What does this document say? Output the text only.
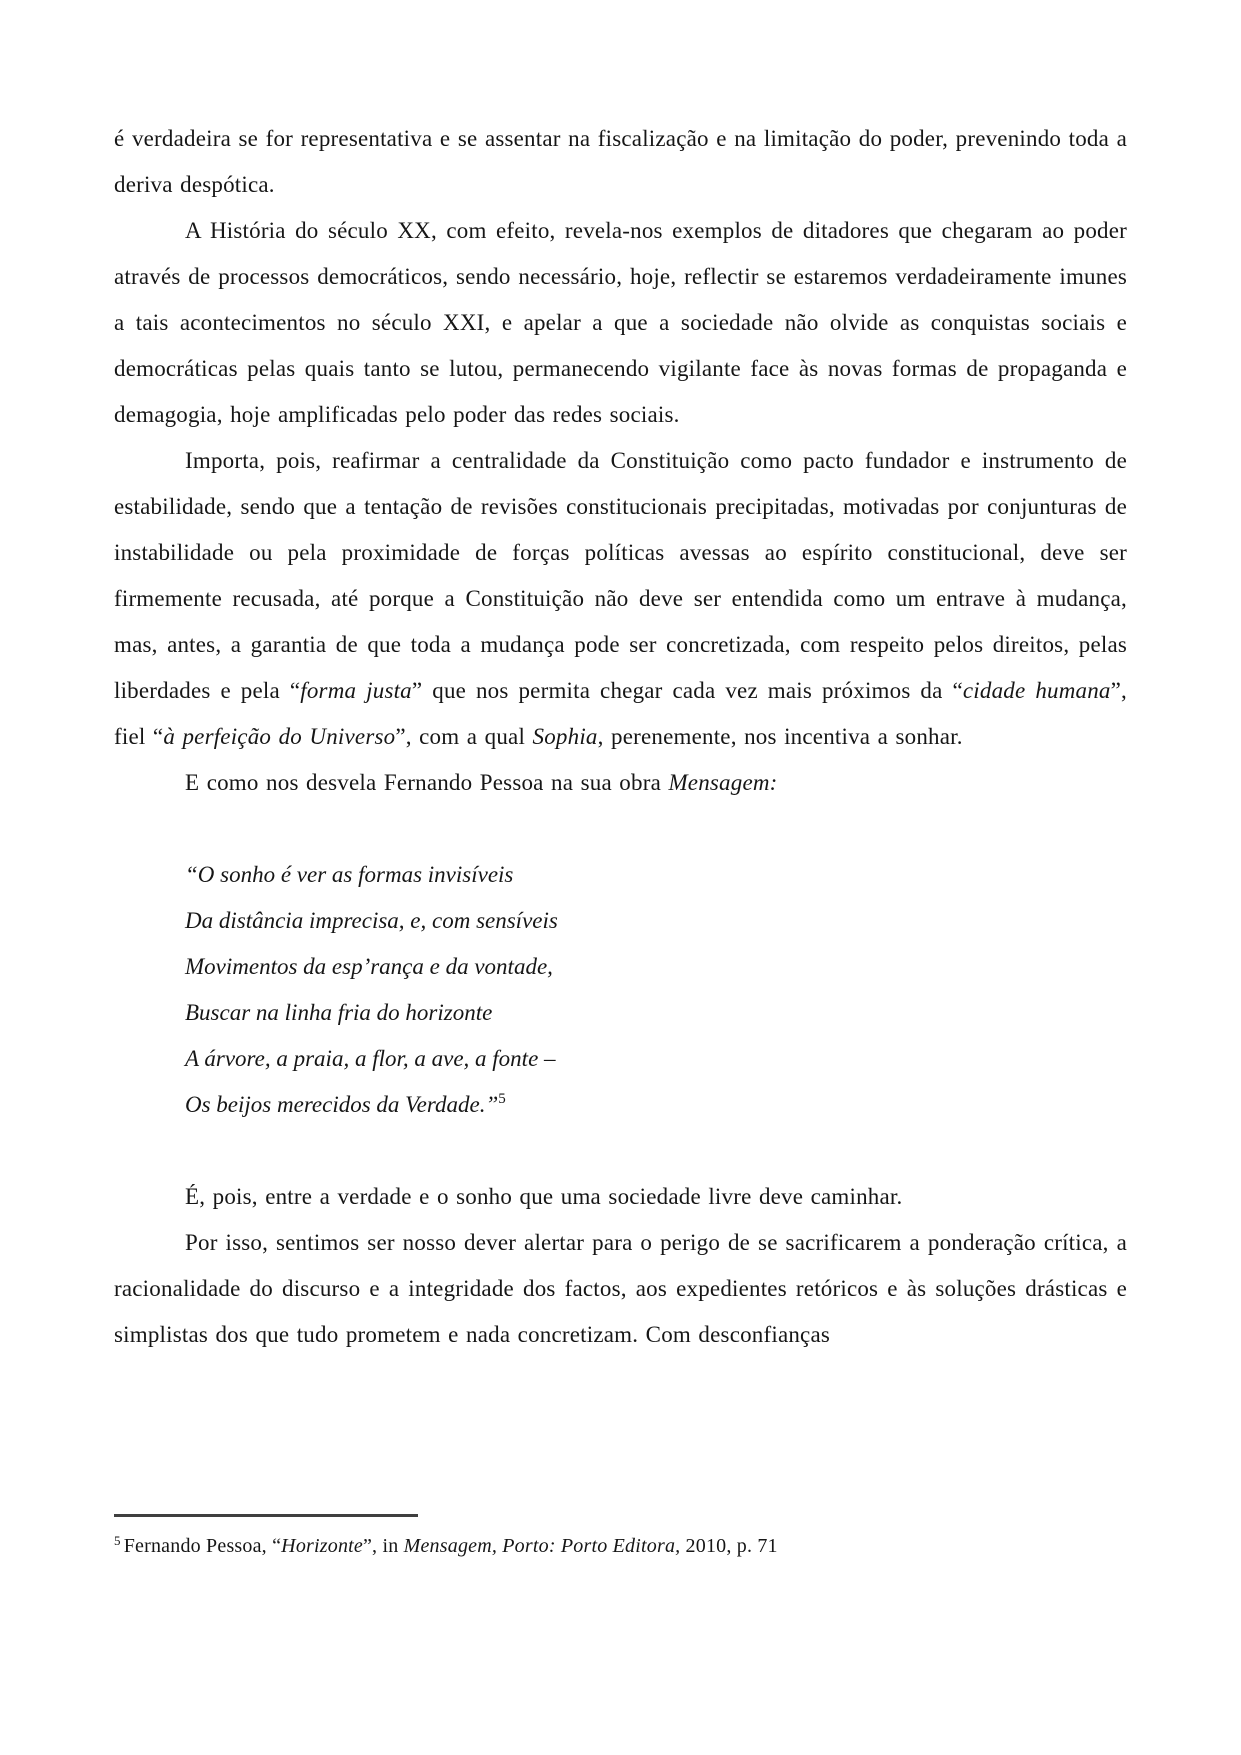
é verdadeira se for representativa e se assentar na fiscalização e na limitação do poder, prevenindo toda a deriva despótica.

A História do século XX, com efeito, revela-nos exemplos de ditadores que chegaram ao poder através de processos democráticos, sendo necessário, hoje, reflectir se estaremos verdadeiramente imunes a tais acontecimentos no século XXI, e apelar a que a sociedade não olvide as conquistas sociais e democráticas pelas quais tanto se lutou, permanecendo vigilante face às novas formas de propaganda e demagogia, hoje amplificadas pelo poder das redes sociais.

Importa, pois, reafirmar a centralidade da Constituição como pacto fundador e instrumento de estabilidade, sendo que a tentação de revisões constitucionais precipitadas, motivadas por conjunturas de instabilidade ou pela proximidade de forças políticas avessas ao espírito constitucional, deve ser firmemente recusada, até porque a Constituição não deve ser entendida como um entrave à mudança, mas, antes, a garantia de que toda a mudança pode ser concretizada, com respeito pelos direitos, pelas liberdades e pela “forma justa” que nos permita chegar cada vez mais próximos da “cidade humana”, fiel “à perfeição do Universo”, com a qual Sophia, perenemente, nos incentiva a sonhar.

E como nos desvela Fernando Pessoa na sua obra Mensagem:

“O sonho é ver as formas invisíveis

Da distância imprecisa, e, com sensíveis

Movimentos da esp’rança e da vontade,

Buscar na linha fria do horizonte

A árvore, a praia, a flor, a ave, a fonte –

Os beijos merecidos da Verdade.”$^5$

É, pois, entre a verdade e o sonho que uma sociedade livre deve caminhar.

Por isso, sentimos ser nosso dever alertar para o perigo de se sacrificarem a ponderação crítica, a racionalidade do discurso e a integridade dos factos, aos expedientes retóricos e às soluções drásticas e simplistas dos que tudo prometem e nada concretizam. Com desconfianças

$^5$ Fernando Pessoa, “Horizonte”, in Mensagem, Porto: Porto Editora, 2010, p. 71
